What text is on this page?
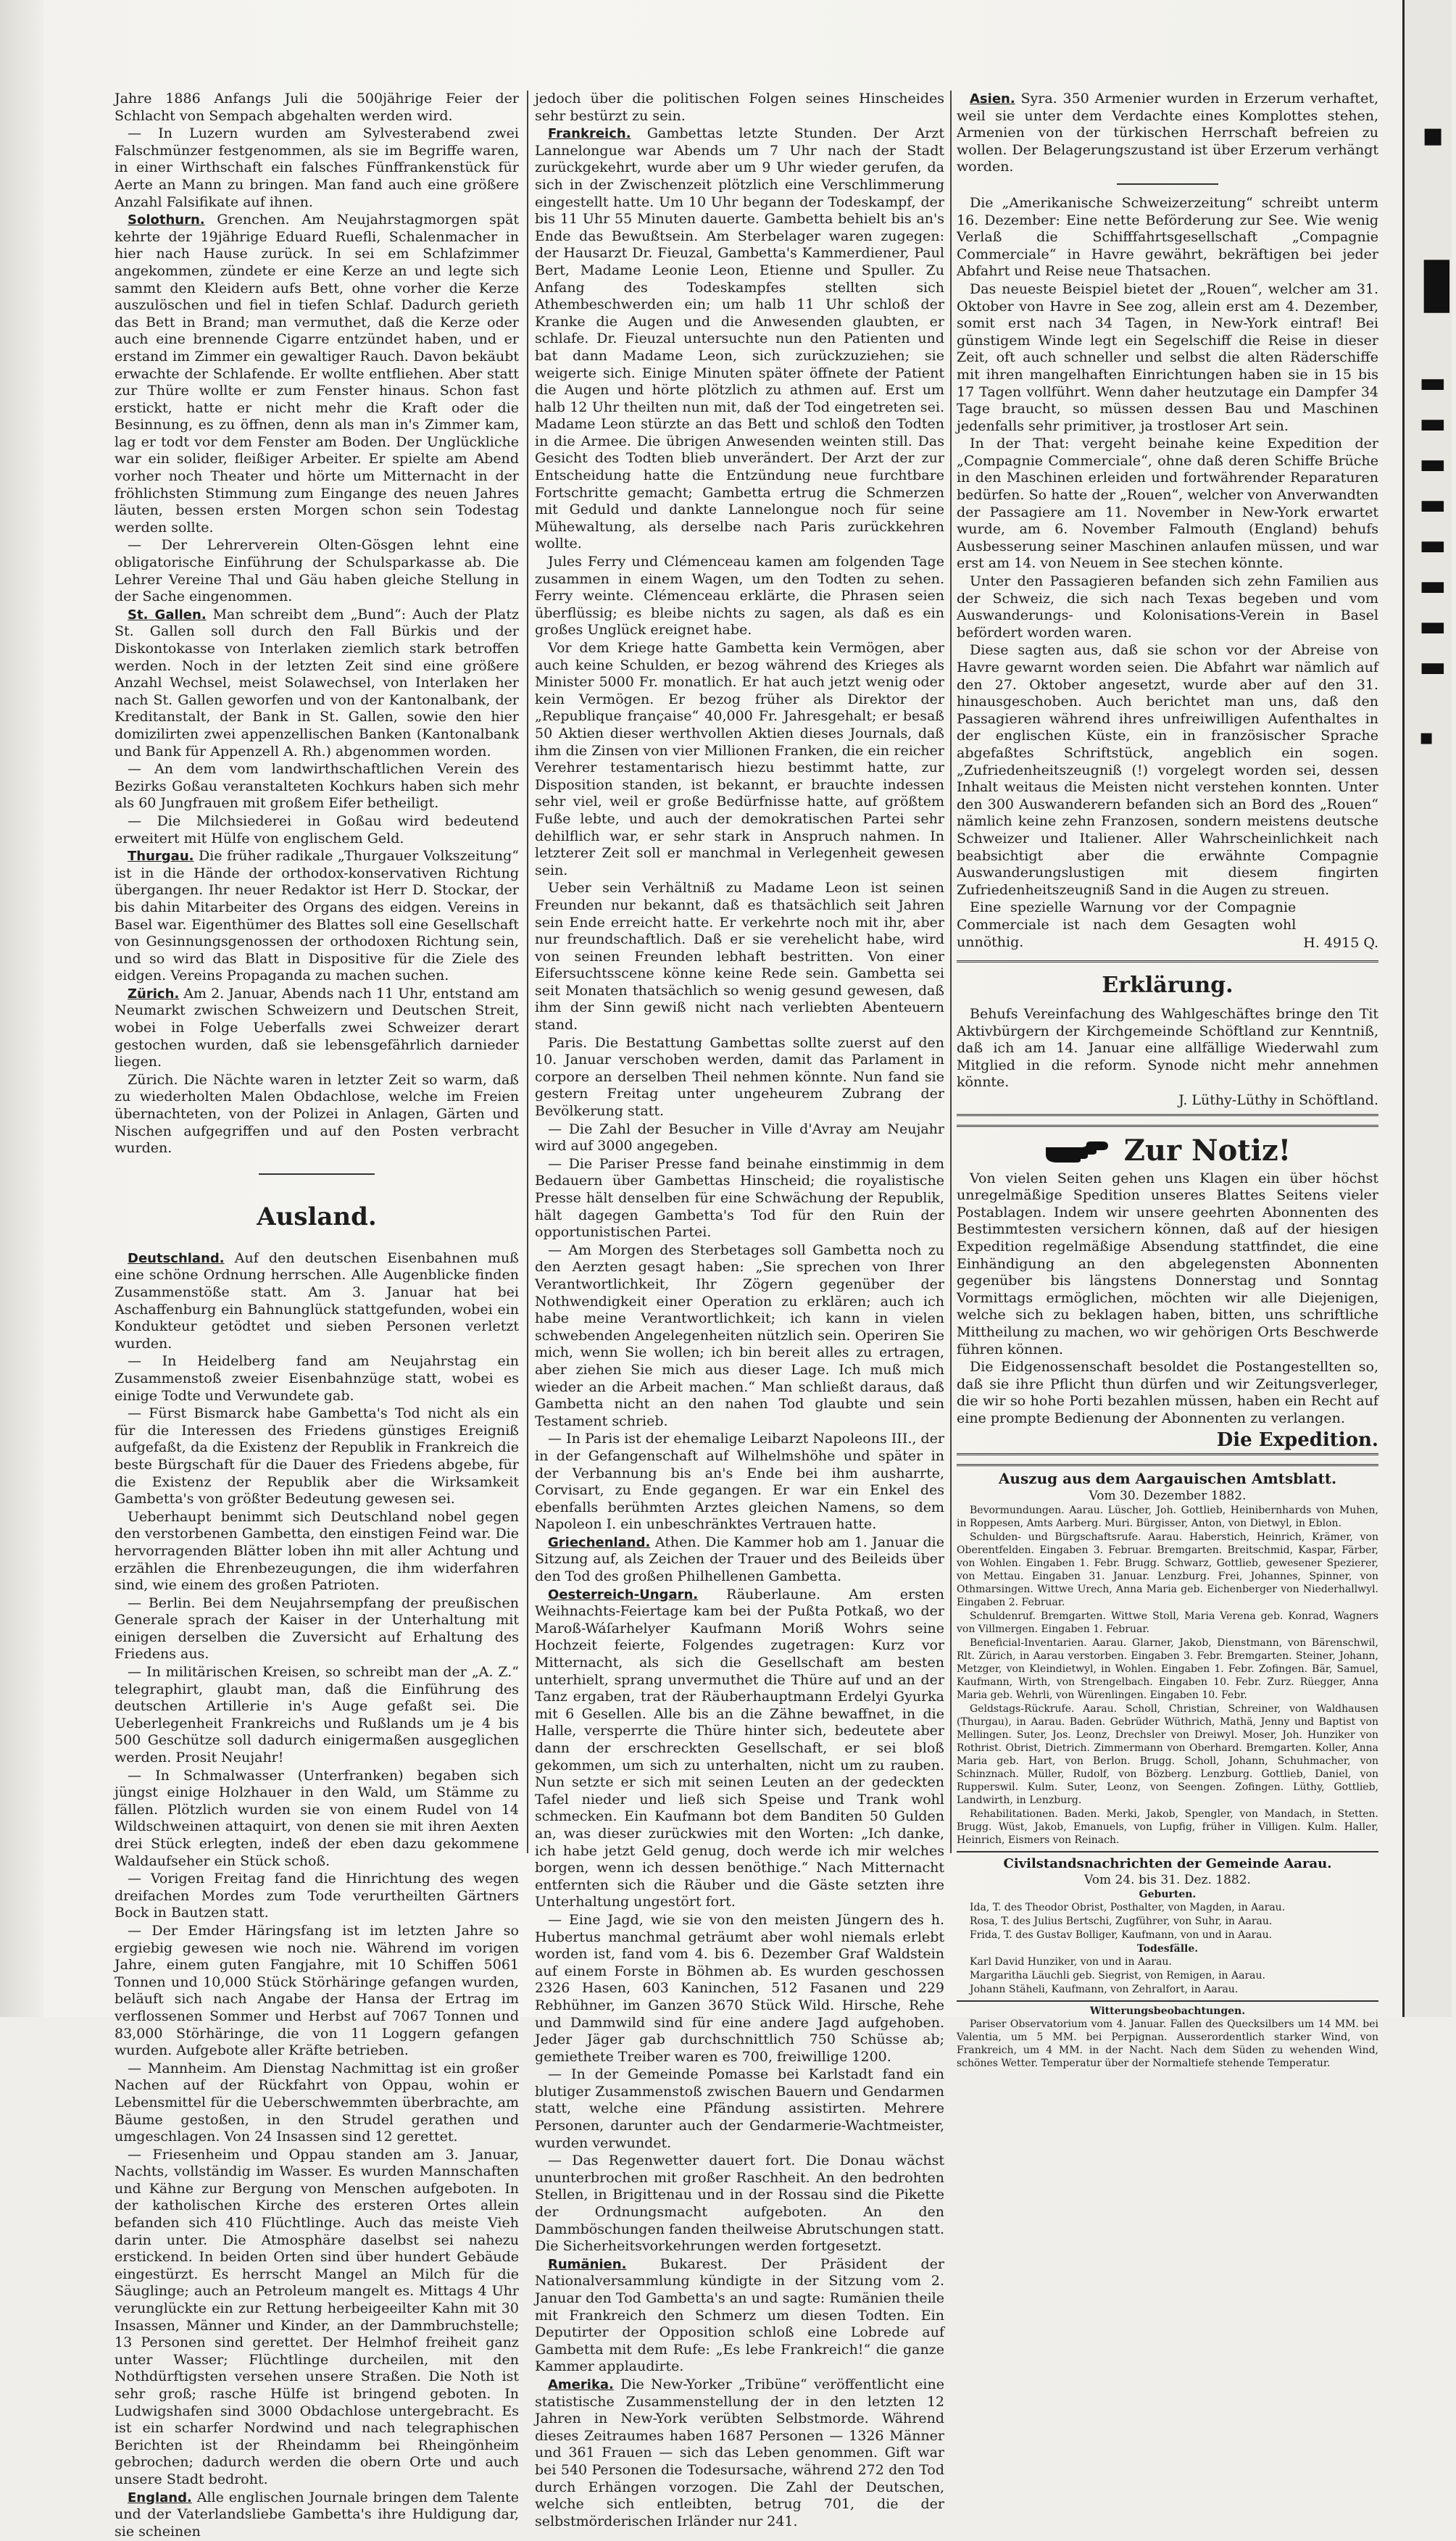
Jahre 1886 Anfangs Juli die 500jährige Feier der Schlacht von Sempach abgehalten werden wird.

— In Luzern wurden am Sylvesterabend zwei Falschmünzer festgenommen, als sie im Begriffe waren, in einer Wirthschaft ein falsches Fünffrankenstück für Aerte an Mann zu bringen. Man fand auch eine größere Anzahl Falsifikate auf ihnen.

Solothurn. Grenchen. Am Neujahrstagmorgen spät kehrte der 19jährige Eduard Ruefli, Schalenmacher in hier nach Hause zurück. In sei em Schlafzimmer angekommen, zündete er eine Kerze an und legte sich sammt den Kleidern aufs Bett, ohne vorher die Kerze auszulöschen und fiel in tiefen Schlaf. Dadurch gerieth das Bett in Brand; man vermuthet, daß die Kerze oder auch eine brennende Cigarre entzündet haben, und er erstand im Zimmer ein gewaltiger Rauch. Davon bekäubt erwachte der Schlafende. Er wollte entfliehen. Aber statt zur Thüre wollte er zum Fenster hinaus. Schon fast erstickt, hatte er nicht mehr die Kraft oder die Besinnung, es zu öffnen, denn als man in's Zimmer kam, lag er todt vor dem Fenster am Boden. Der Unglückliche war ein solider, fleißiger Arbeiter. Er spielte am Abend vorher noch Theater und hörte um Mitternacht in der fröhlichsten Stimmung zum Eingange des neuen Jahres läuten, bessen ersten Morgen schon sein Todestag werden sollte.

— Der Lehrerverein Olten-Gösgen lehnt eine obligatorische Einführung der Schulsparkasse ab. Die Lehrer Vereine Thal und Gäu haben gleiche Stellung in der Sache eingenommen.

St. Gallen. Man schreibt dem „Bund“: Auch der Platz St. Gallen soll durch den Fall Bürkis und der Diskontokasse von Interlaken ziemlich stark betroffen werden. Noch in der letzten Zeit sind eine größere Anzahl Wechsel, meist Solawechsel, von Interlaken her nach St. Gallen geworfen und von der Kantonalbank, der Kreditanstalt, der Bank in St. Gallen, sowie den hier domizilirten zwei appenzellischen Banken (Kantonalbank und Bank für Appenzell A. Rh.) abgenommen worden.

— An dem vom landwirthschaftlichen Verein des Bezirks Goßau veranstalteten Kochkurs haben sich mehr als 60 Jungfrauen mit großem Eifer betheiligt.

— Die Milchsiederei in Goßau wird bedeutend erweitert mit Hülfe von englischem Geld.

Thurgau. Die früher radikale „Thurgauer Volkszeitung“ ist in die Hände der orthodox-konservativen Richtung übergangen. Ihr neuer Redaktor ist Herr D. Stockar, der bis dahin Mitarbeiter des Organs des eidgen. Vereins in Basel war. Eigenthümer des Blattes soll eine Gesellschaft von Gesinnungsgenossen der orthodoxen Richtung sein, und so wird das Blatt in Dispositive für die Ziele des eidgen. Vereins Propaganda zu machen suchen.

Zürich. Am 2. Januar, Abends nach 11 Uhr, entstand am Neumarkt zwischen Schweizern und Deutschen Streit, wobei in Folge Ueberfalls zwei Schweizer derart gestochen wurden, daß sie lebensgefährlich darnieder liegen.

Zürich. Die Nächte waren in letzter Zeit so warm, daß zu wiederholten Malen Obdachlose, welche im Freien übernachteten, von der Polizei in Anlagen, Gärten und Nischen aufgegriffen und auf den Posten verbracht wurden.

Ausland.

Deutschland. Auf den deutschen Eisenbahnen muß eine schöne Ordnung herrschen. Alle Augenblicke finden Zusammenstöße statt. Am 3. Januar hat bei Aschaffenburg ein Bahnunglück stattgefunden, wobei ein Kondukteur getödtet und sieben Personen verletzt wurden.

— In Heidelberg fand am Neujahrstag ein Zusammenstoß zweier Eisenbahnzüge statt, wobei es einige Todte und Verwundete gab.

— Fürst Bismarck habe Gambetta's Tod nicht als ein für die Interessen des Friedens günstiges Ereigniß aufgefaßt, da die Existenz der Republik in Frankreich die beste Bürgschaft für die Dauer des Friedens abgebe, für die Existenz der Republik aber die Wirksamkeit Gambetta's von größter Bedeutung gewesen sei.

Ueberhaupt benimmt sich Deutschland nobel gegen den verstorbenen Gambetta, den einstigen Feind war. Die hervorragenden Blätter loben ihn mit aller Achtung und erzählen die Ehrenbezeugungen, die ihm widerfahren sind, wie einem des großen Patrioten.

— Berlin. Bei dem Neujahrsempfang der preußischen Generale sprach der Kaiser in der Unterhaltung mit einigen derselben die Zuversicht auf Erhaltung des Friedens aus.

— In militärischen Kreisen, so schreibt man der „A. Z.“ telegraphirt, glaubt man, daß die Einführung des deutschen Artillerie in's Auge gefaßt sei. Die Ueberlegenheit Frankreichs und Rußlands um je 4 bis 500 Geschütze soll dadurch einigermaßen ausgeglichen werden. Prosit Neujahr!

— In Schmalwasser (Unterfranken) begaben sich jüngst einige Holzhauer in den Wald, um Stämme zu fällen. Plötzlich wurden sie von einem Rudel von 14 Wildschweinen attaquirt, von denen sie mit ihren Aexten drei Stück erlegten, indeß der eben dazu gekommene Waldaufseher ein Stück schoß.

— Vorigen Freitag fand die Hinrichtung des wegen dreifachen Mordes zum Tode verurtheilten Gärtners Bock in Bautzen statt.

— Der Emder Häringsfang ist im letzten Jahre so ergiebig gewesen wie noch nie. Während im vorigen Jahre, einem guten Fangjahre, mit 10 Schiffen 5061 Tonnen und 10,000 Stück Störhäringe gefangen wurden, beläuft sich nach Angabe der Hansa der Ertrag im verflossenen Sommer und Herbst auf 7067 Tonnen und 83,000 Störhäringe, die von 11 Loggern gefangen wurden. Aufgebote aller Kräfte betrieben.

— Mannheim. Am Dienstag Nachmittag ist ein großer Nachen auf der Rückfahrt von Oppau, wohin er Lebensmittel für die Ueberschwemmten überbrachte, am Bäume gestoßen, in den Strudel gerathen und umgeschlagen. Von 24 Insassen sind 12 gerettet.

— Friesenheim und Oppau standen am 3. Januar, Nachts, vollständig im Wasser. Es wurden Mannschaften und Kähne zur Bergung von Menschen aufgeboten. In der katholischen Kirche des ersteren Ortes allein befanden sich 410 Flüchtlinge. Auch das meiste Vieh darin unter. Die Atmosphäre daselbst sei nahezu erstickend. In beiden Orten sind über hundert Gebäude eingestürzt. Es herrscht Mangel an Milch für die Säuglinge; auch an Petroleum mangelt es. Mittags 4 Uhr verunglückte ein zur Rettung herbeigeeilter Kahn mit 30 Insassen, Männer und Kinder, an der Dammbruchstelle; 13 Personen sind gerettet. Der Helmhof freiheit ganz unter Wasser; Flüchtlinge durcheilen, mit den Nothdürftigsten versehen unsere Straßen. Die Noth ist sehr groß; rasche Hülfe ist bringend geboten. In Ludwigshafen sind 3000 Obdachlose untergebracht. Es ist ein scharfer Nordwind und nach telegraphischen Berichten ist der Rheindamm bei Rheingönheim gebrochen; dadurch werden die obern Orte und auch unsere Stadt bedroht.

England. Alle englischen Journale bringen dem Talente und der Vaterlandsliebe Gambetta's ihre Huldigung dar, sie scheinen

jedoch über die politischen Folgen seines Hinscheides sehr bestürzt zu sein.

Frankreich. Gambettas letzte Stunden. Der Arzt Lannelongue war Abends um 7 Uhr nach der Stadt zurückgekehrt, wurde aber um 9 Uhr wieder gerufen, da sich in der Zwischenzeit plötzlich eine Verschlimmerung eingestellt hatte. Um 10 Uhr begann der Todeskampf, der bis 11 Uhr 55 Minuten dauerte. Gambetta behielt bis an's Ende das Bewußtsein. Am Sterbelager waren zugegen: der Hausarzt Dr. Fieuzal, Gambetta's Kammerdiener, Paul Bert, Madame Leonie Leon, Etienne und Spuller. Zu Anfang des Todeskampfes stellten sich Athembeschwerden ein; um halb 11 Uhr schloß der Kranke die Augen und die Anwesenden glaubten, er schlafe. Dr. Fieuzal untersuchte nun den Patienten und bat dann Madame Leon, sich zurückzuziehen; sie weigerte sich. Einige Minuten später öffnete der Patient die Augen und hörte plötzlich zu athmen auf. Erst um halb 12 Uhr theilten nun mit, daß der Tod eingetreten sei. Madame Leon stürzte an das Bett und schloß den Todten in die Armee. Die übrigen Anwesenden weinten still. Das Gesicht des Todten blieb unverändert. Der Arzt der zur Entscheidung hatte die Entzündung neue furchtbare Fortschritte gemacht; Gambetta ertrug die Schmerzen mit Geduld und dankte Lannelongue noch für seine Mühewaltung, als derselbe nach Paris zurückkehren wollte.

Jules Ferry und Clémenceau kamen am folgenden Tage zusammen in einem Wagen, um den Todten zu sehen. Ferry weinte. Clémenceau erklärte, die Phrasen seien überflüssig; es bleibe nichts zu sagen, als daß es ein großes Unglück ereignet habe.

Vor dem Kriege hatte Gambetta kein Vermögen, aber auch keine Schulden, er bezog während des Krieges als Minister 5000 Fr. monatlich. Er hat auch jetzt wenig oder kein Vermögen. Er bezog früher als Direktor der „Republique française“ 40,000 Fr. Jahresgehalt; er besaß 50 Aktien dieser werthvollen Aktien dieses Journals, daß ihm die Zinsen von vier Millionen Franken, die ein reicher Verehrer testamentarisch hiezu bestimmt hatte, zur Disposition standen, ist bekannt, er brauchte indessen sehr viel, weil er große Bedürfnisse hatte, auf größtem Fuße lebte, und auch der demokratischen Partei sehr dehilflich war, er sehr stark in Anspruch nahmen. In letzterer Zeit soll er manchmal in Verlegenheit gewesen sein.

Ueber sein Verhältniß zu Madame Leon ist seinen Freunden nur bekannt, daß es thatsächlich seit Jahren sein Ende erreicht hatte. Er verkehrte noch mit ihr, aber nur freundschaftlich. Daß er sie verehelicht habe, wird von seinen Freunden lebhaft bestritten. Von einer Eifersuchtsscene könne keine Rede sein. Gambetta sei seit Monaten thatsächlich so wenig gesund gewesen, daß ihm der Sinn gewiß nicht nach verliebten Abenteuern stand.

Paris. Die Bestattung Gambettas sollte zuerst auf den 10. Januar verschoben werden, damit das Parlament in corpore an derselben Theil nehmen könnte. Nun fand sie gestern Freitag unter ungeheurem Zubrang der Bevölkerung statt.

— Die Zahl der Besucher in Ville d'Avray am Neujahr wird auf 3000 angegeben.

— Die Pariser Presse fand beinahe einstimmig in dem Bedauern über Gambettas Hinscheid; die royalistische Presse hält denselben für eine Schwächung der Republik, hält dagegen Gambetta's Tod für den Ruin der opportunistischen Partei.

— Am Morgen des Sterbetages soll Gambetta noch zu den Aerzten gesagt haben: „Sie sprechen von Ihrer Verantwortlichkeit, Ihr Zögern gegenüber der Nothwendigkeit einer Operation zu erklären; auch ich habe meine Verantwortlichkeit; ich kann in vielen schwebenden Angelegenheiten nützlich sein. Operiren Sie mich, wenn Sie wollen; ich bin bereit alles zu ertragen, aber ziehen Sie mich aus dieser Lage. Ich muß mich wieder an die Arbeit machen.“ Man schließt daraus, daß Gambetta nicht an den nahen Tod glaubte und sein Testament schrieb.

— In Paris ist der ehemalige Leibarzt Napoleons III., der in der Gefangenschaft auf Wilhelmshöhe und später in der Verbannung bis an's Ende bei ihm ausharrte, Corvisart, zu Ende gegangen. Er war ein Enkel des ebenfalls berühmten Arztes gleichen Namens, so dem Napoleon I. ein unbeschränktes Vertrauen hatte.

Griechenland. Athen. Die Kammer hob am 1. Januar die Sitzung auf, als Zeichen der Trauer und des Beileids über den Tod des großen Philhellenen Gambetta.

Oesterreich-Ungarn. Räuberlaune. Am ersten Weihnachts-Feiertage kam bei der Pußta Potkaß, wo der Maroß-Wáſarhelyer Kaufmann Moriß Wohrs seine Hochzeit feierte, Folgendes zugetragen: Kurz vor Mitternacht, als sich die Gesellschaft am besten unterhielt, sprang unvermuthet die Thüre auf und an der Tanz ergaben, trat der Räuberhauptmann Erdelyi Gyurka mit 6 Gesellen. Alle bis an die Zähne bewaffnet, in die Halle, versperrte die Thüre hinter sich, bedeutete aber dann der erschreckten Gesellschaft, er sei bloß gekommen, um sich zu unterhalten, nicht um zu rauben. Nun setzte er sich mit seinen Leuten an der gedeckten Tafel nieder und ließ sich Speise und Trank wohl schmecken. Ein Kaufmann bot dem Banditen 50 Gulden an, was dieser zurückwies mit den Worten: „Ich danke, ich habe jetzt Geld genug, doch werde ich mir welches borgen, wenn ich dessen benöthige.“ Nach Mitternacht entfernten sich die Räuber und die Gäste setzten ihre Unterhaltung ungestört fort.

— Eine Jagd, wie sie von den meisten Jüngern des h. Hubertus manchmal geträumt aber wohl niemals erlebt worden ist, fand vom 4. bis 6. Dezember Graf Waldstein auf einem Forste in Böhmen ab. Es wurden geschossen 2326 Hasen, 603 Kaninchen, 512 Fasanen und 229 Rebhühner, im Ganzen 3670 Stück Wild. Hirsche, Rehe und Dammwild sind für eine andere Jagd aufgehoben. Jeder Jäger gab durchschnittlich 750 Schüsse ab; gemiethete Treiber waren es 700, freiwillige 1200.

— In der Gemeinde Pomasse bei Karlstadt fand ein blutiger Zusammenstoß zwischen Bauern und Gendarmen statt, welche eine Pfändung assistirten. Mehrere Personen, darunter auch der Gendarmerie-Wachtmeister, wurden verwundet.

— Das Regenwetter dauert fort. Die Donau wächst ununterbrochen mit großer Raschheit. An den bedrohten Stellen, in Brigittenau und in der Rossau sind die Pikette der Ordnungsmacht aufgeboten. An den Dammböschungen fanden theilweise Abrutschungen statt. Die Sicherheitsvorkehrungen werden fortgesetzt.

Rumänien. Bukarest. Der Präsident der Nationalversammlung kündigte in der Sitzung vom 2. Januar den Tod Gambetta's an und sagte: Rumänien theile mit Frankreich den Schmerz um diesen Todten. Ein Deputirter der Opposition schloß eine Lobrede auf Gambetta mit dem Rufe: „Es lebe Frankreich!“ die ganze Kammer applaudirte.

Amerika. Die New-Yorker „Tribüne“ veröffentlicht eine statistische Zusammenstellung der in den letzten 12 Jahren in New-York verübten Selbstmorde. Während dieses Zeitraumes haben 1687 Personen — 1326 Männer und 361 Frauen — sich das Leben genommen. Gift war bei 540 Personen die Todesursache, während 272 den Tod durch Erhängen vorzogen. Die Zahl der Deutschen, welche sich entleibten, betrug 701, die der selbstmörderischen Irländer nur 241.

Asien. Syra. 350 Armenier wurden in Erzerum verhaftet, weil sie unter dem Verdachte eines Komplottes stehen, Armenien von der türkischen Herrschaft befreien zu wollen. Der Belagerungszustand ist über Erzerum verhängt worden.

Die „Amerikanische Schweizerzeitung“ schreibt unterm 16. Dezember: Eine nette Beförderung zur See. Wie wenig Verlaß die Schifffahrtsgesellschaft „Compagnie Commerciale“ in Havre gewährt, bekräftigen bei jeder Abfahrt und Reise neue Thatsachen.

Das neueste Beispiel bietet der „Rouen“, welcher am 31. Oktober von Havre in See zog, allein erst am 4. Dezember, somit erst nach 34 Tagen, in New-York eintraf! Bei günstigem Winde legt ein Segelschiff die Reise in dieser Zeit, oft auch schneller und selbst die alten Räderschiffe mit ihren mangelhaften Einrichtungen haben sie in 15 bis 17 Tagen vollführt. Wenn daher heutzutage ein Dampfer 34 Tage braucht, so müssen dessen Bau und Maschinen jedenfalls sehr primitiver, ja trostloser Art sein.

In der That: vergeht beinahe keine Expedition der „Compagnie Commerciale“, ohne daß deren Schiffe Brüche in den Maschinen erleiden und fortwährender Reparaturen bedürfen. So hatte der „Rouen“, welcher von Anverwandten der Passagiere am 11. November in New-York erwartet wurde, am 6. November Falmouth (England) behufs Ausbesserung seiner Maschinen anlaufen müssen, und war erst am 14. von Neuem in See stechen könnte.

Unter den Passagieren befanden sich zehn Familien aus der Schweiz, die sich nach Texas begeben und vom Auswanderungs- und Kolonisations-Verein in Basel befördert worden waren.

Diese sagten aus, daß sie schon vor der Abreise von Havre gewarnt worden seien. Die Abfahrt war nämlich auf den 27. Oktober angesetzt, wurde aber auf den 31. hinausgeschoben. Auch berichtet man uns, daß den Passagieren während ihres unfreiwilligen Aufenthaltes in der englischen Küste, ein in französischer Sprache abgefaßtes Schriftstück, angeblich ein sogen. „Zufriedenheitszeugniß (!) vorgelegt worden sei, dessen Inhalt weitaus die Meisten nicht verstehen konnten. Unter den 300 Auswanderern befanden sich an Bord des „Rouen“ nämlich keine zehn Franzosen, sondern meistens deutsche Schweizer und Italiener. Aller Wahrscheinlichkeit nach beabsichtigt aber die erwähnte Compagnie Auswanderungslustigen mit diesem fingirten Zufriedenheitszeugniß Sand in die Augen zu streuen.

Eine spezielle Warnung vor der Compagnie Commerciale ist nach dem Gesagten wohl unnöthig.	H. 4915 Q.
Erklärung.

Behufs Vereinfachung des Wahlgeschäftes bringe den Tit Aktivbürgern der Kirchgemeinde Schöftland zur Kenntniß, daß ich am 14. Januar eine allfällige Wiederwahl zum Mitglied in die reform. Synode nicht mehr annehmen könnte.

J. Lüthy-Lüthy in Schöftland.
Zur Notiz!

Von vielen Seiten gehen uns Klagen ein über höchst unregelmäßige Spedition unseres Blattes Seitens vieler Postablagen. Indem wir unsere geehrten Abonnenten des Bestimmtesten versichern können, daß auf der hiesigen Expedition regelmäßige Absendung stattfindet, die eine Einhändigung an den abgelegensten Abonnenten gegenüber bis längstens Donnerstag und Sonntag Vormittags ermöglichen, möchten wir alle Diejenigen, welche sich zu beklagen haben, bitten, uns schriftliche Mittheilung zu machen, wo wir gehörigen Orts Beschwerde führen können.

Die Eidgenossenschaft besoldet die Postangestellten so, daß sie ihre Pflicht thun dürfen und wir Zeitungsverleger, die wir so hohe Porti bezahlen müssen, haben ein Recht auf eine prompte Bedienung der Abonnenten zu verlangen.

Die Expedition.
Auszug aus dem Aargauischen Amtsblatt.
Vom 30. Dezember 1882.

Bevormundungen. Aarau. Lüscher, Joh. Gottlieb, Heinibernhards von Muhen, in Roppesen, Amts Aarberg. Muri. Bürgisser, Anton, von Dietwyl, in Eblon.

Schulden- und Bürgschaftsrufe. Aarau. Haberstich, Heinrich, Krämer, von Oberentfelden. Eingaben 3. Februar. Bremgarten. Breitschmid, Kaspar, Färber, von Wohlen. Eingaben 1. Febr. Brugg. Schwarz, Gottlieb, gewesener Spezierer, von Mettau. Eingaben 31. Januar. Lenzburg. Frei, Johannes, Spinner, von Othmarsingen. Wittwe Urech, Anna Maria geb. Eichenberger von Niederhallwyl. Eingaben 2. Februar.

Schuldenruf. Bremgarten. Wittwe Stoll, Maria Verena geb. Konrad, Wagners von Villmergen. Eingaben 1. Februar.

Beneficial-Inventarien. Aarau. Glarner, Jakob, Dienstmann, von Bärenschwil, Rlt. Zürich, in Aarau verstorben. Eingaben 3. Febr. Bremgarten. Steiner, Johann, Metzger, von Kleindietwyl, in Wohlen. Eingaben 1. Febr. Zofingen. Bär, Samuel, Kaufmann, Wirth, von Strengelbach. Eingaben 10. Febr. Zurz. Rüegger, Anna Maria geb. Wehrli, von Würenlingen. Eingaben 10. Febr.

Geldstags-Rückrufe. Aarau. Scholl, Christian, Schreiner, von Waldhausen (Thurgau), in Aarau. Baden. Gebrüder Wüthrich, Mathä, Jenny und Baptist von Mellingen. Suter, Jos. Leonz, Drechsler von Dreiwyl. Moser, Joh. Hunziker von Rothrist. Obrist, Dietrich. Zimmermann von Oberhard. Bremgarten. Koller, Anna Maria geb. Hart, von Berlon. Brugg. Scholl, Johann, Schuhmacher, von Schinznach. Müller, Rudolf, von Bözberg. Lenzburg. Gottlieb, Daniel, von Rupperswil. Kulm. Suter, Leonz, von Seengen. Zofingen. Lüthy, Gottlieb, Landwirth, in Lenzburg.

Rehabilitationen. Baden. Merki, Jakob, Spengler, von Mandach, in Stetten. Brugg. Wüst, Jakob, Emanuels, von Lupfig, früher in Villigen. Kulm. Haller, Heinrich, Eismers von Reinach.

Civilstandsnachrichten der Gemeinde Aarau.
Vom 24. bis 31. Dez. 1882.
Geburten.

Ida, T. des Theodor Obrist, Posthalter, von Magden, in Aarau.

Rosa, T. des Julius Bertschi, Zugführer, von Suhr, in Aarau.

Frida, T. des Gustav Bolliger, Kaufmann, von und in Aarau.

Todesfälle.

Karl David Hunziker, von und in Aarau.

Margaritha Läuchli geb. Siegrist, von Remigen, in Aarau.

Johann Stäheli, Kaufmann, von Zehralfort, in Aarau.

Witterungsbeobachtungen.

Pariser Observatorium vom 4. Januar. Fallen des Quecksilbers um 14 MM. bei Valentia, um 5 MM. bei Perpignan. Ausserordentlich starker Wind, von Frankreich, um 4 MM. in der Nacht. Nach dem Süden zu wehenden Wind, schönes Wetter. Temperatur über der Normaltiefe stehende Temperatur.

■
▮
▬
▬
▬
▬
▬
▬
▬
▬
▪
